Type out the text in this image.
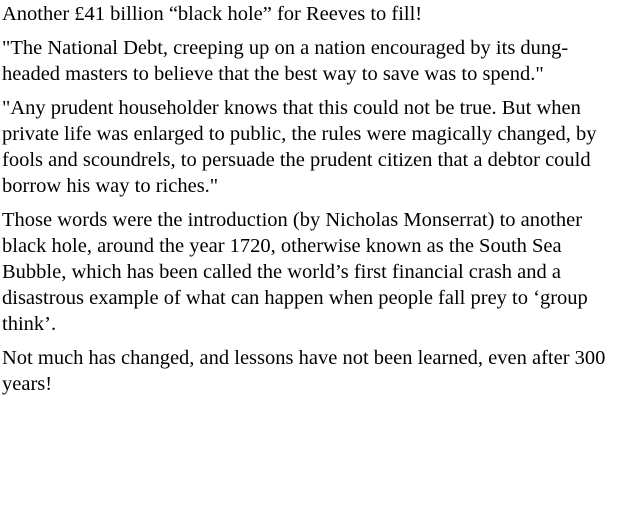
Another £41 billion “black hole” for Reeves to fill!

"The National Debt, creeping up on a nation encouraged by its dung-headed masters to believe that the best way to save was to spend."

"Any prudent householder knows that this could not be true. But when private life was enlarged to public, the rules were magically changed, by fools and scoundrels, to persuade the prudent citizen that a debtor could borrow his way to riches."

Those words were the introduction (by Nicholas Monserrat) to another black hole, around the year 1720, otherwise known as the South Sea Bubble, which has been called the world’s first financial crash and a disastrous example of what can happen when people fall prey to ‘group think’.

Not much has changed, and lessons have not been learned, even after 300 years!
